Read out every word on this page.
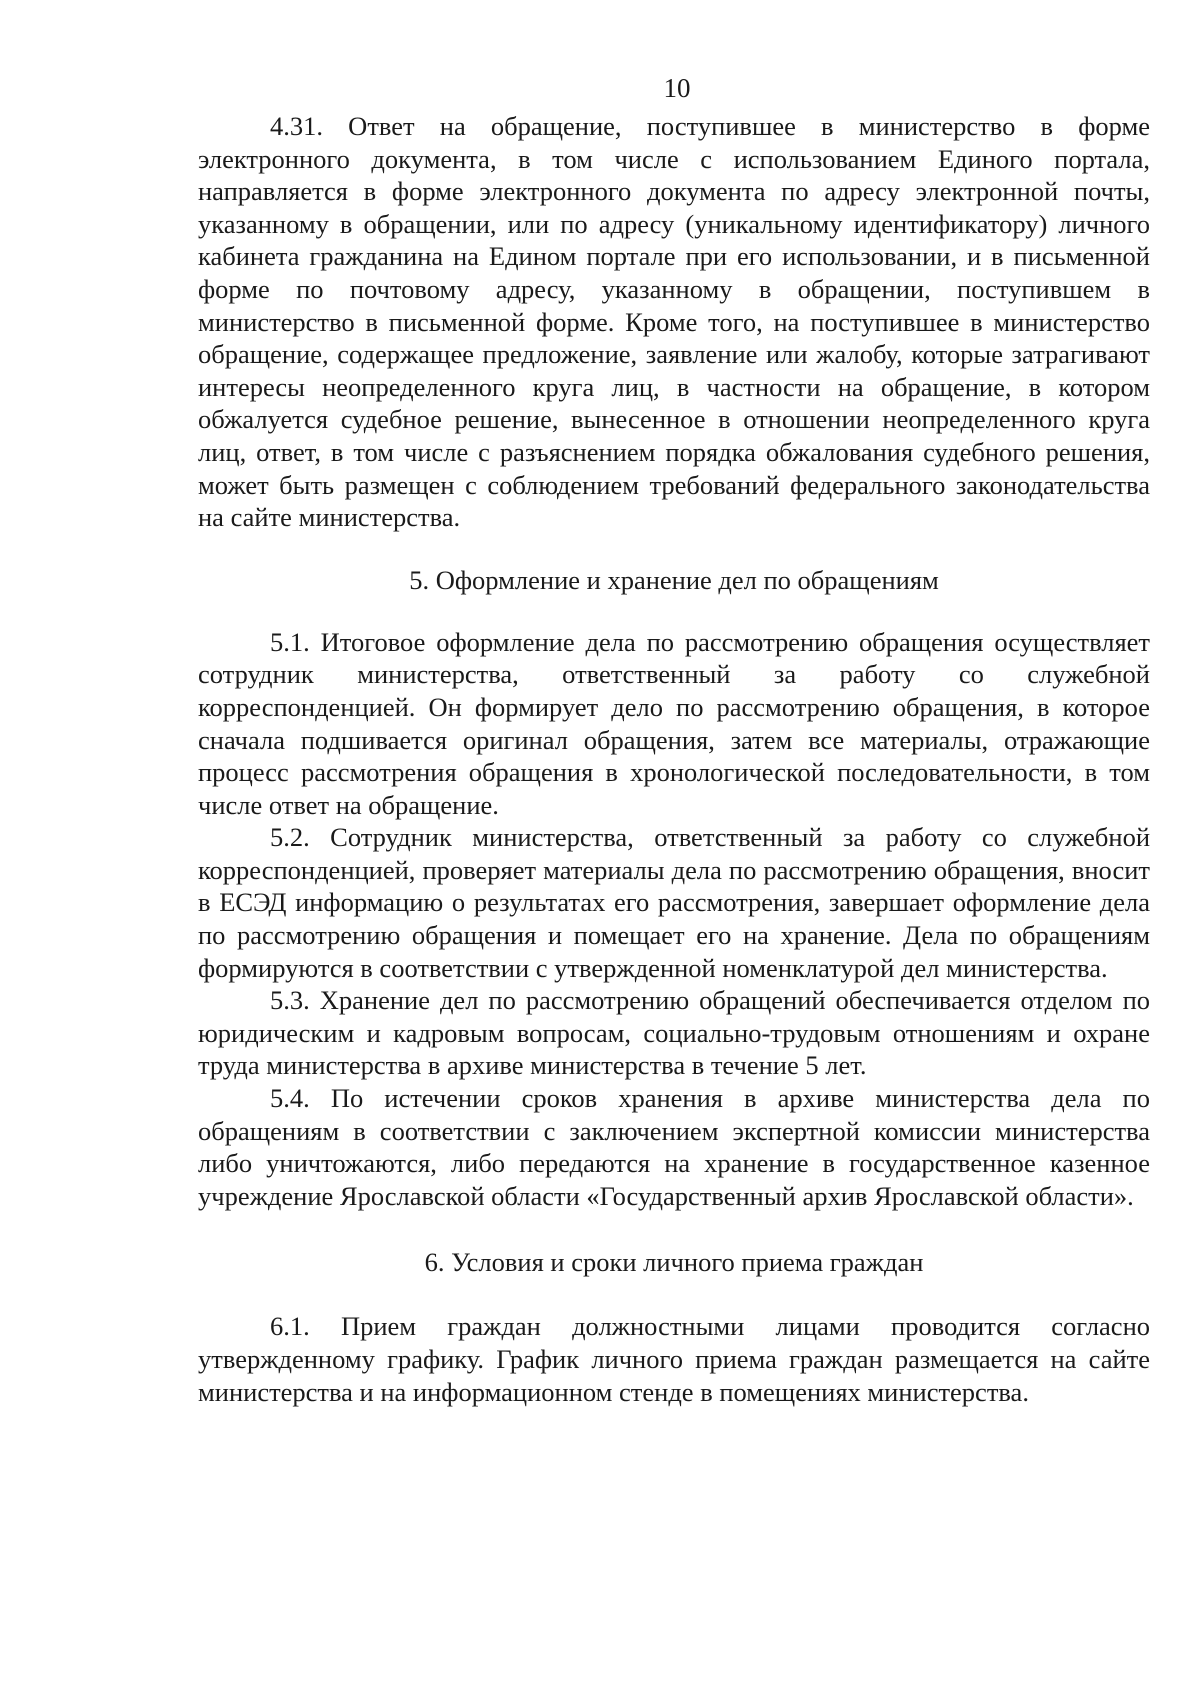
10

4.31. Ответ на обращение, поступившее в министерство в форме электронного документа, в том числе с использованием Единого портала, направляется в форме электронного документа по адресу электронной почты, указанному в обращении, или по адресу (уникальному идентификатору) личного кабинета гражданина на Едином портале при его использовании, и в письменной форме по почтовому адресу, указанному в обращении, поступившем в министерство в письменной форме. Кроме того, на поступившее в министерство обращение, содержащее предложение, заявление или жалобу, которые затрагивают интересы неопределенного круга лиц, в частности на обращение, в котором обжалуется судебное решение, вынесенное в отношении неопределенного круга лиц, ответ, в том числе с разъяснением порядка обжалования судебного решения, может быть размещен с соблюдением требований федерального законодательства на сайте министерства.

5. Оформление и хранение дел по обращениям

5.1. Итоговое оформление дела по рассмотрению обращения осуществляет сотрудник министерства, ответственный за работу со служебной корреспонденцией. Он формирует дело по рассмотрению обращения, в которое сначала подшивается оригинал обращения, затем все материалы, отражающие процесс рассмотрения обращения в хронологической последовательности, в том числе ответ на обращение.

5.2. Сотрудник министерства, ответственный за работу со служебной корреспонденцией, проверяет материалы дела по рассмотрению обращения, вносит в ЕСЭД информацию о результатах его рассмотрения, завершает оформление дела по рассмотрению обращения и помещает его на хранение. Дела по обращениям формируются в соответствии с утвержденной номенклатурой дел министерства.

5.3. Хранение дел по рассмотрению обращений обеспечивается отделом по юридическим и кадровым вопросам, социально-трудовым отношениям и охране труда министерства в архиве министерства в течение 5 лет.

5.4. По истечении сроков хранения в архиве министерства дела по обращениям в соответствии с заключением экспертной комиссии министерства либо уничтожаются, либо передаются на хранение в государственное казенное учреждение Ярославской области «Государственный архив Ярославской области».

6. Условия и сроки личного приема граждан

6.1. Прием граждан должностными лицами проводится согласно утвержденному графику. График личного приема граждан размещается на сайте министерства и на информационном стенде в помещениях министерства.
